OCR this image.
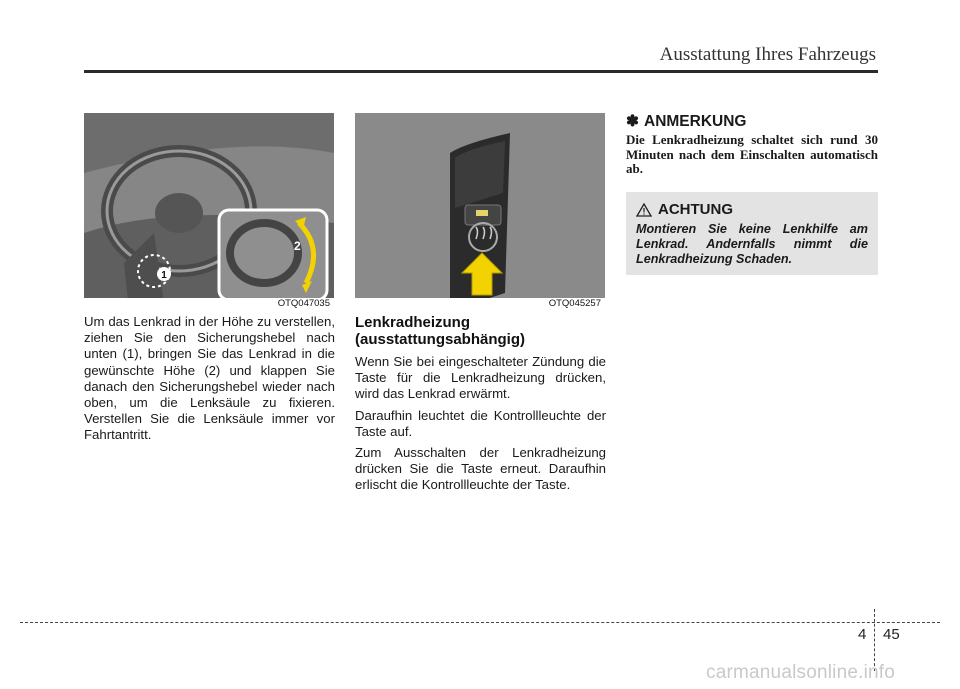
Ausstattung Ihres Fahrzeugs
1
2
OTQ047035	OTQ045257
Um das Lenkrad in der Höhe zu verstellen, ziehen Sie den Sicherungshebel nach unten (1), bringen Sie das Lenkrad in die gewünschte Höhe (2) und klappen Sie danach den Sicherungshebel wieder nach oben, um die Lenksäule zu fixieren. Verstellen Sie die Lenksäule immer vor Fahrtantritt.
Lenkradheizung (ausstattungsabhängig)

Wenn Sie bei eingeschalteter Zündung die Taste für die Lenkradheizung drücken, wird das Lenkrad erwärmt.

Daraufhin leuchtet die Kontrollleuchte der Taste auf.

Zum Ausschalten der Lenkradheizung drücken Sie die Taste erneut. Daraufhin erlischt die Kontrollleuchte der Taste.

✽ ANMERKUNG

Die Lenkradheizung schaltet sich rund 30 Minuten nach dem Einschalten automatisch ab.

ACHTUNG
Montieren Sie keine Lenkhilfe am Lenkrad. Andernfalls nimmt die Lenkradheizung Schaden.
4 45
carmanualsonline.info
